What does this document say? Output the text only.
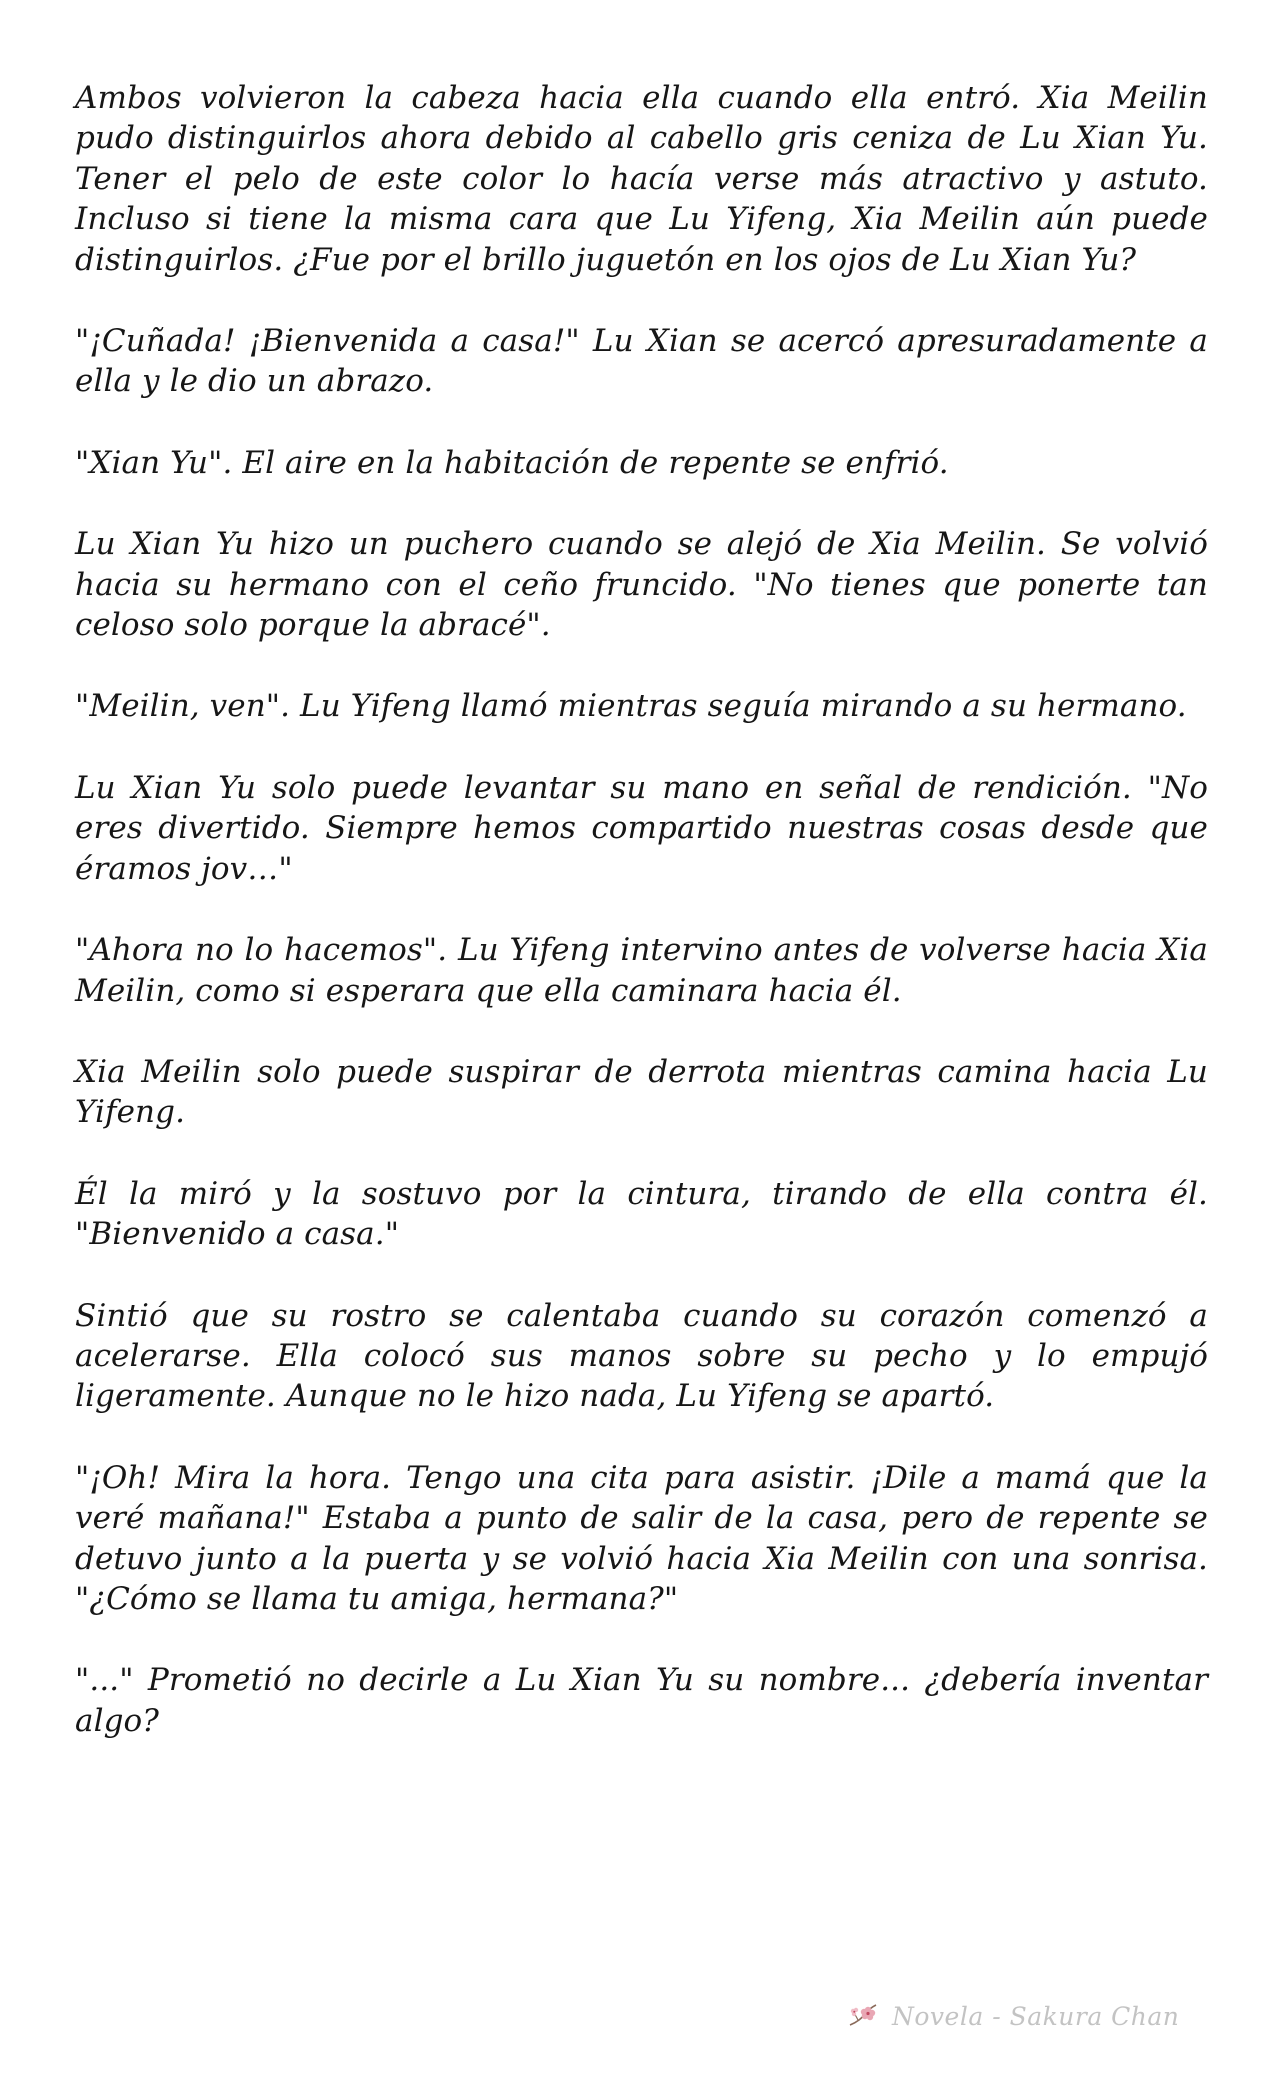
Ambos volvieron la cabeza hacia ella cuando ella entró. Xia Meilin pudo distinguirlos ahora debido al cabello gris ceniza de Lu Xian Yu. Tener el pelo de este color lo hacía verse más atractivo y astuto. Incluso si tiene la misma cara que Lu Yifeng, Xia Meilin aún puede distinguirlos. ¿Fue por el brillo juguetón en los ojos de Lu Xian Yu?

"¡Cuñada! ¡Bienvenida a casa!" Lu Xian se acercó apresuradamente a ella y le dio un abrazo.

"Xian Yu". El aire en la habitación de repente se enfrió.

Lu Xian Yu hizo un puchero cuando se alejó de Xia Meilin. Se volvió hacia su hermano con el ceño fruncido. "No tienes que ponerte tan celoso solo porque la abracé".

"Meilin, ven". Lu Yifeng llamó mientras seguía mirando a su hermano.

Lu Xian Yu solo puede levantar su mano en señal de rendición. "No eres divertido. Siempre hemos compartido nuestras cosas desde que éramos jov…"

"Ahora no lo hacemos". Lu Yifeng intervino antes de volverse hacia Xia Meilin, como si esperara que ella caminara hacia él.

Xia Meilin solo puede suspirar de derrota mientras camina hacia Lu Yifeng.

Él la miró y la sostuvo por la cintura, tirando de ella contra él. "Bienvenido a casa."

Sintió que su rostro se calentaba cuando su corazón comenzó a acelerarse. Ella colocó sus manos sobre su pecho y lo empujó ligeramente. Aunque no le hizo nada, Lu Yifeng se apartó.

"¡Oh! Mira la hora. Tengo una cita para asistir. ¡Dile a mamá que la veré mañana!" Estaba a punto de salir de la casa, pero de repente se detuvo junto a la puerta y se volvió hacia Xia Meilin con una sonrisa. "¿Cómo se llama tu amiga, hermana?"

"..." Prometió no decirle a Lu Xian Yu su nombre... ¿debería inventar algo?

Novela - Sakura Chan
